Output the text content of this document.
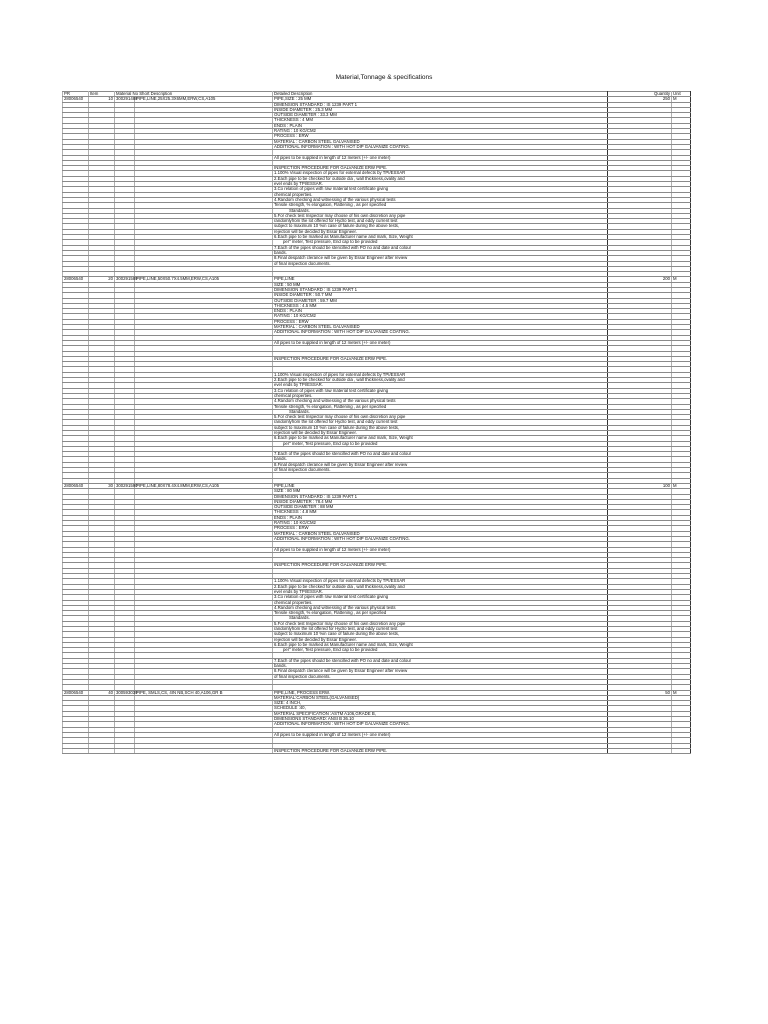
Material,Tonnage & specifications
PR	Item	Material No Short Description		Detailed Description	Quantity	Unit
28006540	10	300291488	PIPE,LINE,25X25.3X6MM,ERW,CS,A105	PIPE,SIZE : 25 MM	250	M
				DIMENSION STANDARD : IS 1239 PART 1		
				INSIDE DIAMETER : 25.3 MM		
				OUTSIDE DIAMETER : 33.3 MM		
				THICKNESS : 4 MM		
				ENDS : PLAIN		
				RATING : 10 KG/CM2		
				PROCESS : ERW		
				MATERIAL : CARBON STEEL GALVANISED		
				ADDITIONAL INFORMATION : WITH HOT DIP GALVANIZE COATING.		

				All pipes to be supplied in length of 12 meters (+/- one meter)		

				INSPECTION PROCEDURE FOR GALVANIZE ERW PIPE.		
				1.100% Visual inspection of pipes for external defects by TPI/ESSAR		
				2.Each pipe to be checked for outside dia , wall thickness,ovality and		
				evel ends by TPI/ESSAR.		
				3.Co relation of pipes with raw material test certificate giving		
				chemical properties.		
				4.Random checking and witnessing of the various physical tests		
				Tensile strength, % elongation, Flattening , as per specified		
				Standards.		
				5.For check test Inspector may choose of his own discretion any pipe		
				randomlyfrom the lot offered for Hydro test, and eddy current test		
				subject to maximum 10 %in case of failure during the above tests,		
				rejection will be decided by Essar Engineer.		
				6.Each pipe to be marked as Manufacturer name and mark, Size, Weight		
				per" meter, Test pressure, End cap to be provided		
				7.Each of the pipes should be stencilled with PO no and date and colour		
				bands.		
				8.Final despatch clerance will be given by Essar Engineer after review		
				of final inspection documents.		

28006540	20	300291589	PIPE,LINE,50X50.7X4.5MM,ERW,CS,A105	PIPE,LINE	200	M
				SIZE : 50 MM		
				DIMENSION STANDARD : IS 1239 PART 1		
				INSIDE DIAMETER : 50.7 MM		
				OUTSIDE DIAMETER : 59.7 MM		
				THICKNESS : 4.5 MM		
				ENDS : PLAIN		
				RATING : 10 KG/CM2		
				PROCESS : ERW		
				MATERIAL : CARBON STEEL GALVANISED		
				ADDITIONAL INFORMATION : WITH HOT DIP GALVANIZE COATING.		

				All pipes to be supplied in length of 12 meters (+/- one meter)		

				INSPECTION PROCEDURE FOR GALVANIZE ERW PIPE.		

				1.100% Visual inspection of pipes for external defects by TPI/ESSAR		
				2.Each pipe to be checked for outside dia , wall thickness,ovality and		
				evel ends by TPI/ESSAR.		
				3.Co relation of pipes with raw material test certificate giving		
				chemical properties.		
				4.Random checking and witnessing of the various physical tests		
				Tensile strength, % elongation, Flattening , as per specified		
				Standards.		
				5.For check test Inspector may choose of his own discretion any pipe		
				randomlyfrom the lot offered for Hydro test, and eddy current test		
				subject to maximum 10 %in case of failure during the above tests,		
				rejection will be decided by Essar Engineer.		
				6.Each pipe to be marked as Manufacturer name and mark, Size, Weight		
				per" meter, Test pressure, End cap to be provided		

				7.Each of the pipes should be stencilled with PO no and date and colour		
				bands.		
				8.Final despatch clerance will be given by Essar Engineer after review		
				of final inspection documents.		

28006540	30	300291590	PIPE,LINE,80X78.4X4.8MM,ERW,CS,A105	PIPE,LINE	100	M
				SIZE : 80 MM		
				DIMENSION STANDARD : IS 1239 PART 1		
				INSIDE DIAMETER : 78.4 MM		
				OUTSIDE DIAMETER : 88 MM		
				THICKNESS : 4.8 MM		
				ENDS : PLAIN		
				RATING : 10 KG/CM2		
				PROCESS : ERW		
				MATERIAL : CARBON STEEL GALVANISED		
				ADDITIONAL INFORMATION : WITH HOT DIP GALVANIZE COATING.		

				All pipes to be supplied in length of 12 meters (+/- one meter)		

				INSPECTION PROCEDURE FOR GALVANIZE ERW PIPE.		

				1.100% Visual inspection of pipes for external defects by TPI/ESSAR		
				2.Each pipe to be checked for outside dia , wall thickness,ovality and		
				evel ends by TPI/ESSAR.		
				3.Co relation of pipes with raw material test certificate giving		
				chemical properties.		
				4.Random checking and witnessing of the various physical tests		
				Tensile strength, % elongation, Flattening , as per specified		
				Standards.		
				5.For check test Inspector may choose of his own discretion any pipe		
				randomlyfrom the lot offered for Hydro test, and eddy current test		
				subject to maximum 10 %in case of failure during the above tests,		
				rejection will be decided by Essar Engineer.		
				6.Each pipe to be marked as Manufacturer name and mark, Size, Weight		
				per" meter, Test pressure, End cap to be provided		

				7.Each of the pipes should be stencilled with PO no and date and colour		
				bands.		
				8.Final despatch clerance will be given by Essar Engineer after review		
				of final inspection documents.		

28006540	40	300593039	PIPE, SMLS,CS, 4IN NB,SCH 40,A106,GR B	PIPE,LINE, PROCESS ERW.	50	M
				MATERIAL:CARBON STEEL(GALVANISED)		
				SIZE: 4 INCH,		
				SCHEDULE :40,		
				MATERIAL SPECIFICATION :ASTM A106,GRADE B,		
				DIMENSIONS STANDARD: ANSI B 36.10		
				ADDITIONAL INFORMATION : WITH HOT DIP GALVANIZE COATING.		

				All pipes to be supplied in length of 12 meters (+/- one meter)		

				INSPECTION PROCEDURE FOR GALVANIZE ERW PIPE.		
